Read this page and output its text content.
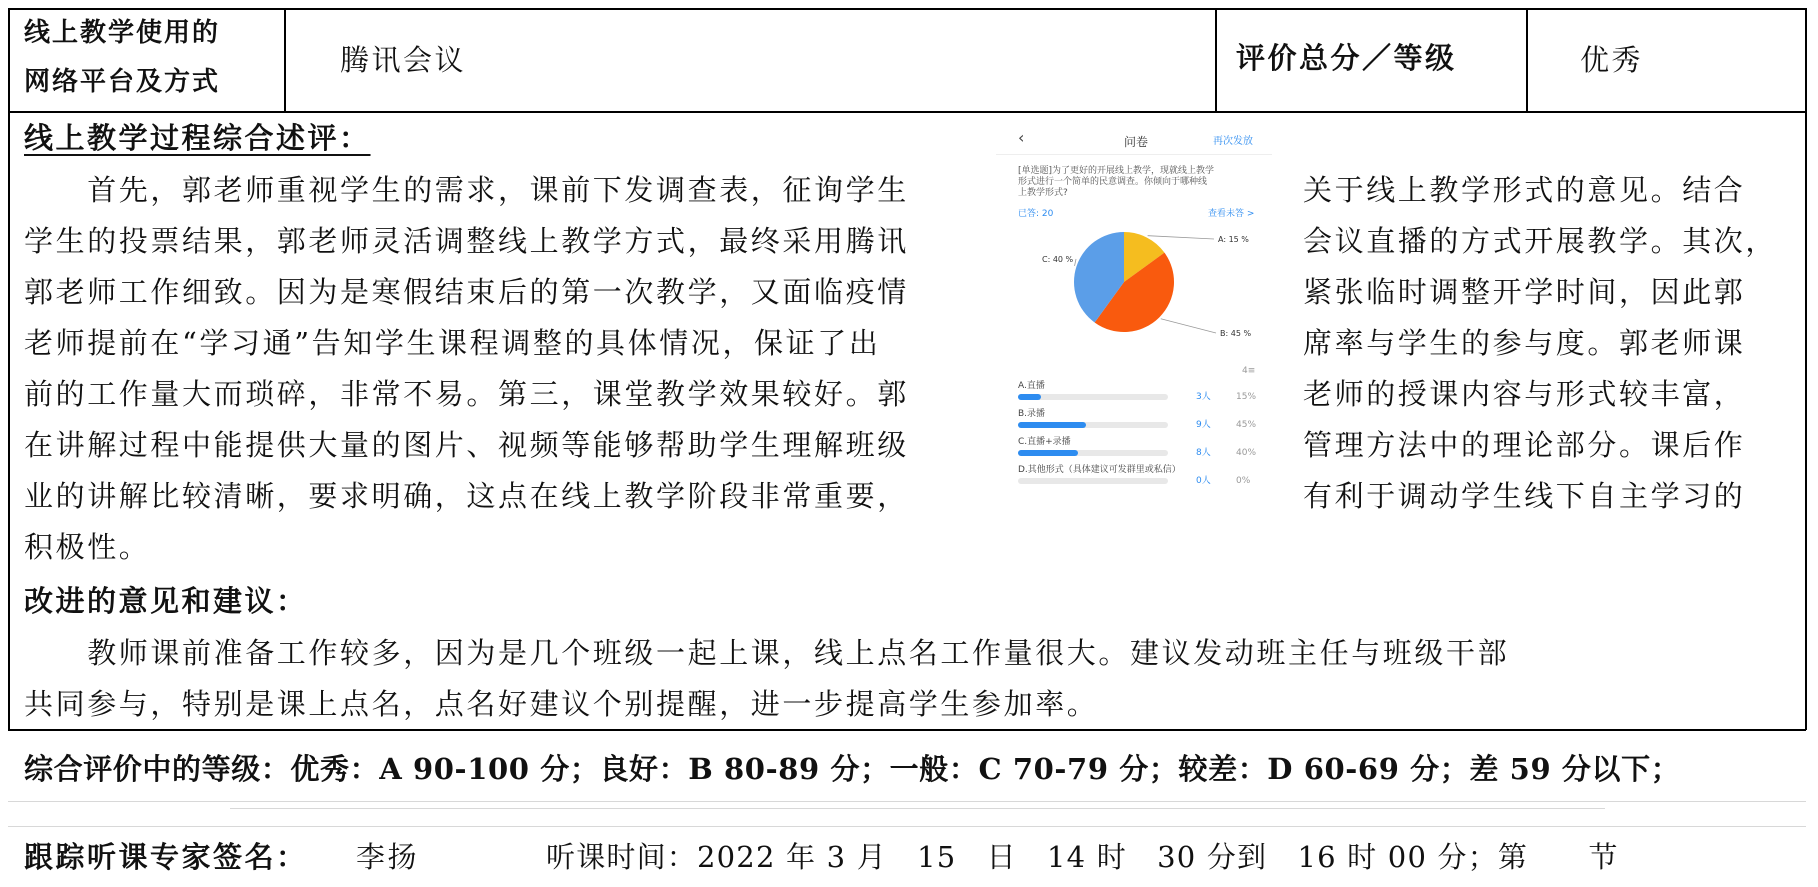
线上教学使用的
网络平台及方式
腾讯会议	评价总分／等级	优秀
线上教学过程综合述评：
　　首先，郭老师重视学生的需求，课前下发调查表，征询学生
学生的投票结果，郭老师灵活调整线上教学方式，最终采用腾讯
郭老师工作细致。因为是寒假结束后的第一次教学，又面临疫情
老师提前在“学习通”告知学生课程调整的具体情况，保证了出
前的工作量大而琐碎，非常不易。第三，课堂教学效果较好。郭
在讲解过程中能提供大量的图片、视频等能够帮助学生理解班级
业的讲解比较清晰，要求明确，这点在线上教学阶段非常重要，
积极性。
关于线上教学形式的意见。结合
会议直播的方式开展教学。其次，
紧张临时调整开学时间，因此郭
席率与学生的参与度。郭老师课
老师的授课内容与形式较丰富，
管理方法中的理论部分。课后作
有利于调动学生线下自主学习的
‹	问卷	再次发放
[单选题]为了更好的开展线上教学，现就线上教学
形式进行一个简单的民意调查。你倾向于哪种线
上教学形式?
已答: 20	查看未答 >
A: 15 %
B: 45 %
C: 40 %
4≡
A.直播
3人	15%
B.录播
9人	45%
C.直播+录播
8人	40%
D.其他形式（具体建议可发群里或私信）
0人	0%
改进的意见和建议：
　　教师课前准备工作较多，因为是几个班级一起上课，线上点名工作量很大。建议发动班主任与班级干部
共同参与，特别是课上点名，点名好建议个别提醒，进一步提高学生参加率。
综合评价中的等级：优秀：A 90-100 分；良好：B 80-89 分；一般：C 70-79 分；较差：D 60-69 分；差 59 分以下；
跟踪听课专家签名： 李扬	听课时间：2022 年 3 月　15　日　14 时　30 分到　16 时 00 分；第　　节
